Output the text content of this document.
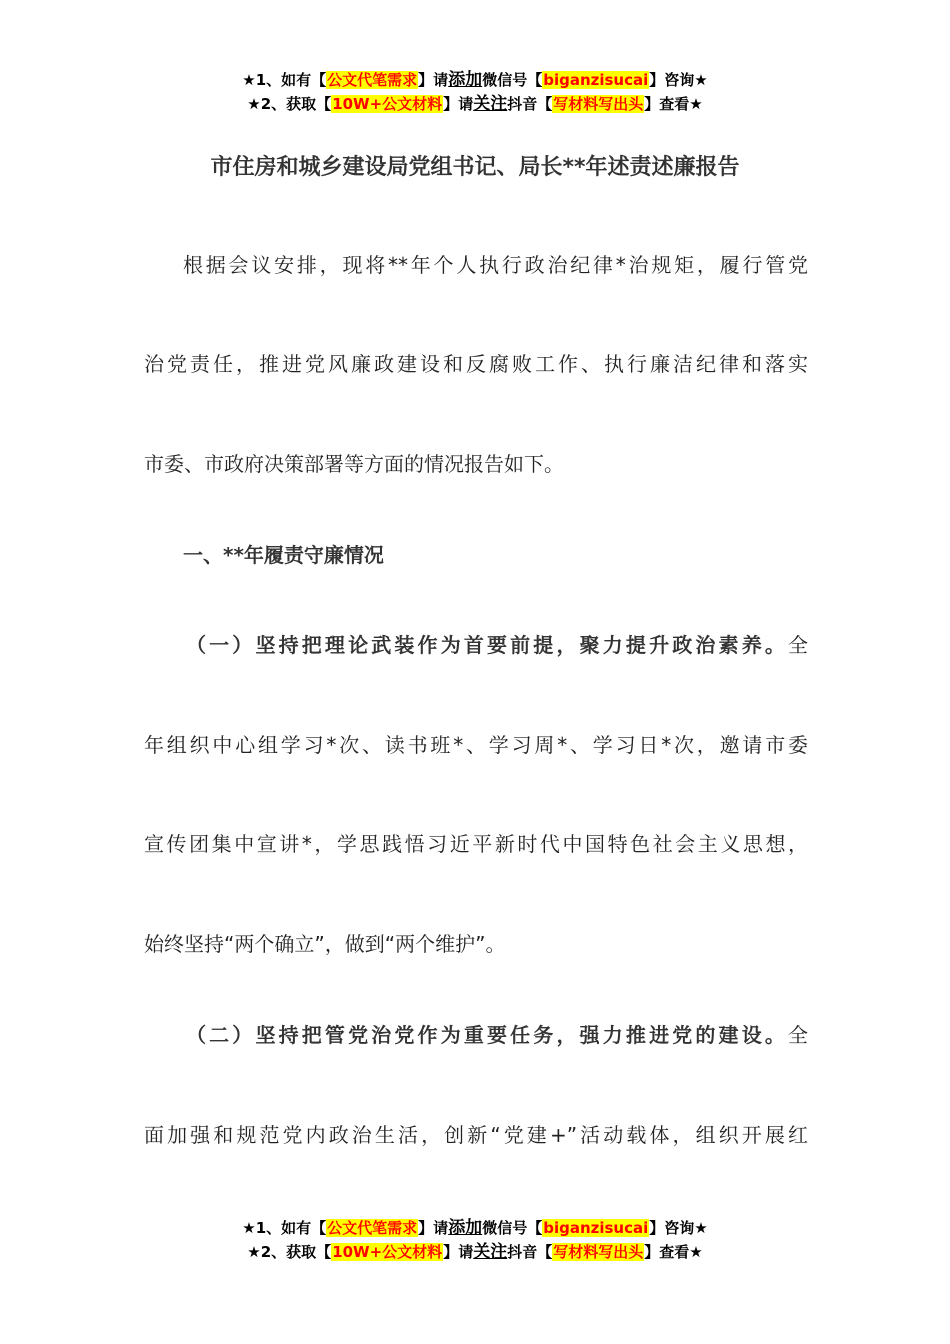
★1、如有【公文代笔需求】请添加微信号【biganzisucai】咨询★
★2、获取【10W+公文材料】请关注抖音【写材料写出头】查看★
市住房和城乡建设局党组书记、局长**年述责述廉报告
根据会议安排，现将**年个人执行政治纪律*治规矩，履行管党
治党责任，推进党风廉政建设和反腐败工作、执行廉洁纪律和落实
市委、市政府决策部署等方面的情况报告如下。
一、**年履责守廉情况
（一）坚持把理论武装作为首要前提，聚力提升政治素养。全
年组织中心组学习*次、读书班*、学习周*、学习日*次，邀请市委
宣传团集中宣讲*，学思践悟习近平新时代中国特色社会主义思想，
始终坚持“两个确立”，做到“两个维护”。
（二）坚持把管党治党作为重要任务，强力推进党的建设。全
面加强和规范党内政治生活，创新“党建+”活动载体，组织开展红
★1、如有【公文代笔需求】请添加微信号【biganzisucai】咨询★
★2、获取【10W+公文材料】请关注抖音【写材料写出头】查看★
